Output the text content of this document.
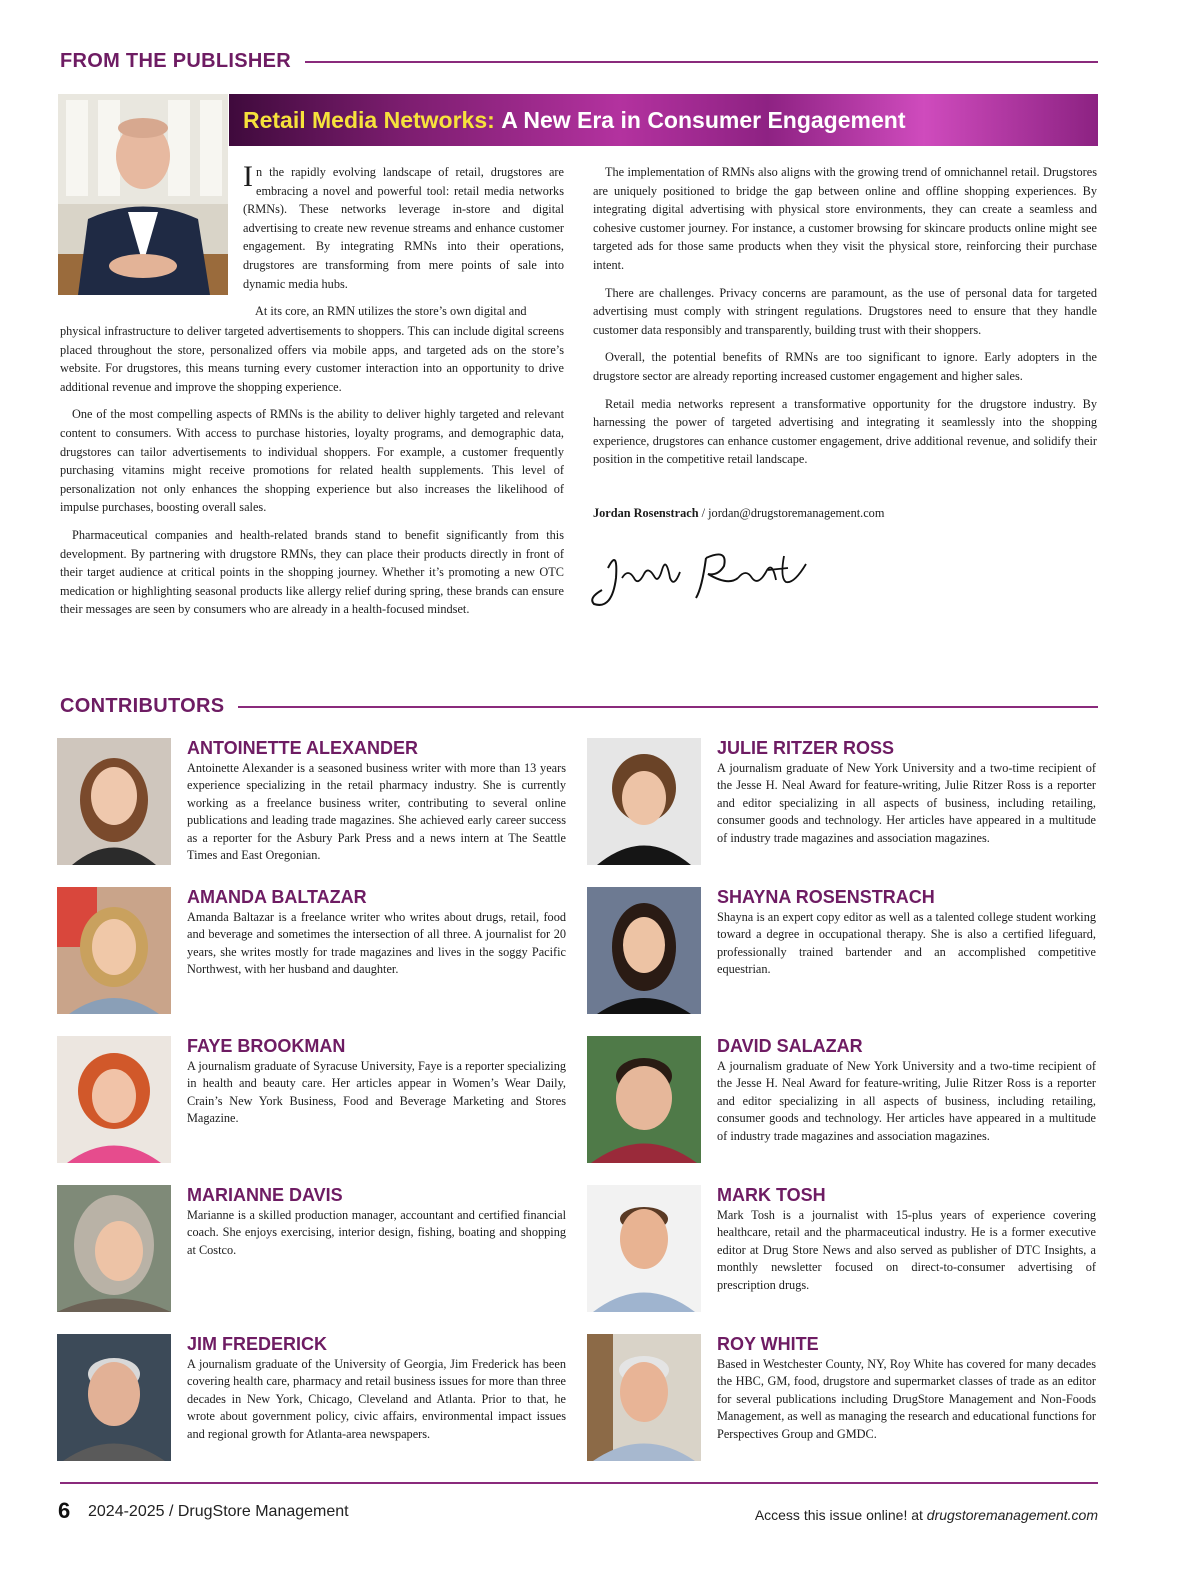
FROM THE PUBLISHER
Retail Media Networks:
A New Era in Consumer Engagement

In the rapidly evolving landscape of retail, drugstores are embracing a novel and powerful tool: retail media networks (RMNs). These networks leverage in-store and digital advertising to create new revenue streams and enhance customer engagement. By integrating RMNs into their operations, drugstores are transforming from mere points of sale into dynamic media hubs.

At its core, an RMN utilizes the store’s own digital and

physical infrastructure to deliver targeted advertisements to shoppers. This can include digital screens placed throughout the store, personalized offers via mobile apps, and targeted ads on the store’s website. For drugstores, this means turning every customer interaction into an opportunity to drive additional revenue and improve the shopping experience.

One of the most compelling aspects of RMNs is the ability to deliver highly targeted and relevant content to consumers. With access to purchase histories, loyalty programs, and demographic data, drugstores can tailor advertisements to individual shoppers. For example, a customer frequently purchasing vitamins might receive promotions for related health supplements. This level of personalization not only enhances the shopping experience but also increases the likelihood of impulse purchases, boosting overall sales.

Pharmaceutical companies and health-related brands stand to benefit significantly from this development. By partnering with drugstore RMNs, they can place their products directly in front of their target audience at critical points in the shopping journey. Whether it’s promoting a new OTC medication or highlighting seasonal products like allergy relief during spring, these brands can ensure their messages are seen by consumers who are already in a health-focused mindset.

The implementation of RMNs also aligns with the growing trend of omnichannel retail. Drugstores are uniquely positioned to bridge the gap between online and offline shopping experiences. By integrating digital advertising with physical store environments, they can create a seamless and cohesive customer journey. For instance, a customer browsing for skincare products online might see targeted ads for those same products when they visit the physical store, reinforcing their purchase intent.

There are challenges. Privacy concerns are paramount, as the use of personal data for targeted advertising must comply with stringent regulations. Drugstores need to ensure that they handle customer data responsibly and transparently, building trust with their shoppers.

Overall, the potential benefits of RMNs are too significant to ignore. Early adopters in the drugstore sector are already reporting increased customer engagement and higher sales.

Retail media networks represent a transformative opportunity for the drugstore industry. By harnessing the power of targeted advertising and integrating it seamlessly into the shopping experience, drugstores can enhance customer engagement, drive additional revenue, and solidify their position in the competitive retail landscape.

Jordan Rosenstrach / jordan@drugstoremanagement.com
CONTRIBUTORS
ANTOINETTE ALEXANDER
Antoinette Alexander is a seasoned business writer with more than 13 years experience specializing in the retail pharmacy industry. She is currently working as a freelance business writer, contributing to several online publications and leading trade magazines. She achieved early career success as a reporter for the Asbury Park Press and a news intern at The Seattle Times and East Oregonian.
JULIE RITZER ROSS
A journalism graduate of New York University and a two-time recipient of the Jesse H. Neal Award for feature-writing, Julie Ritzer Ross is a reporter and editor specializing in all aspects of business, including retailing, consumer goods and technology. Her articles have appeared in a multitude of industry trade magazines and association magazines.
AMANDA BALTAZAR
Amanda Baltazar is a freelance writer who writes about drugs, retail, food and beverage and sometimes the intersection of all three. A journalist for 20 years, she writes mostly for trade magazines and lives in the soggy Pacific Northwest, with her husband and daughter.
SHAYNA ROSENSTRACH
Shayna is an expert copy editor as well as a talented college student working toward a degree in occupational therapy. She is also a certified lifeguard, professionally trained bartender and an accomplished competitive equestrian.
FAYE BROOKMAN
A journalism graduate of Syracuse University, Faye is a reporter specializing in health and beauty care. Her articles appear in Women’s Wear Daily, Crain’s New York Business, Food and Beverage Marketing and Stores Magazine.
DAVID SALAZAR
A journalism graduate of New York University and a two-time recipient of the Jesse H. Neal Award for feature-writing, Julie Ritzer Ross is a reporter and editor specializing in all aspects of business, including retailing, consumer goods and technology. Her articles have appeared in a multitude of industry trade magazines and association magazines.
MARIANNE DAVIS
Marianne is a skilled production manager, accountant and certified financial coach. She enjoys exercising, interior design, fishing, boating and shopping at Costco.
MARK TOSH
Mark Tosh is a journalist with 15-plus years of experience covering healthcare, retail and the pharmaceutical industry. He is a former executive editor at Drug Store News and also served as publisher of DTC Insights, a monthly newsletter focused on direct-to-consumer advertising of prescription drugs.
JIM FREDERICK
A journalism graduate of the University of Georgia, Jim Frederick has been covering health care, pharmacy and retail business issues for more than three decades in New York, Chicago, Cleveland and Atlanta. Prior to that, he wrote about government policy, civic affairs, environmental impact issues and regional growth for Atlanta-area newspapers.
ROY WHITE
Based in Westchester County, NY, Roy White has covered for many decades the HBC, GM, food, drugstore and supermarket classes of trade as an editor for several publications including DrugStore Management and Non-Foods Management, as well as managing the research and educational functions for Perspectives Group and GMDC.
6 2024-2025 / DrugStore Management	Access this issue online! at drugstoremanagement.com
